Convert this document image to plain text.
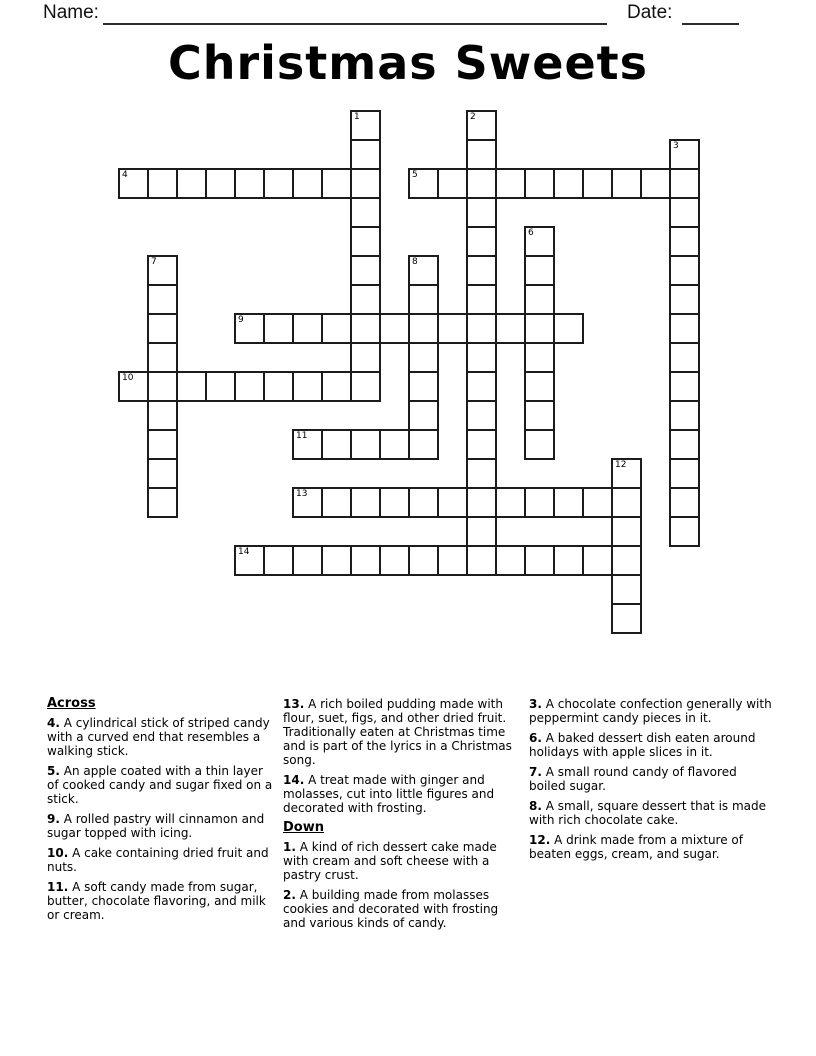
Name:	Date:
Christmas Sweets
1	2
3
4	5
6
7	8
9
10
11
12
13
14

Across

4. A cylindrical stick of striped candy with a curved end that resembles a walking stick.

5. An apple coated with a thin layer of cooked candy and sugar fixed on a stick.

9. A rolled pastry will cinnamon and sugar topped with icing.

10. A cake containing dried fruit and nuts.

11. A soft candy made from sugar, butter, chocolate flavoring, and milk or cream.

13. A rich boiled pudding made with flour, suet, figs, and other dried fruit. Traditionally eaten at Christmas time and is part of the lyrics in a Christmas song.

14. A treat made with ginger and molasses, cut into little figures and decorated with frosting.

Down

1. A kind of rich dessert cake made with cream and soft cheese with a pastry crust.

2. A building made from molasses cookies and decorated with frosting and various kinds of candy.

3. A chocolate confection generally with peppermint candy pieces in it.

6. A baked dessert dish eaten around holidays with apple slices in it.

7. A small round candy of flavored boiled sugar.

8. A small, square dessert that is made with rich chocolate cake.

12. A drink made from a mixture of beaten eggs, cream, and sugar.
